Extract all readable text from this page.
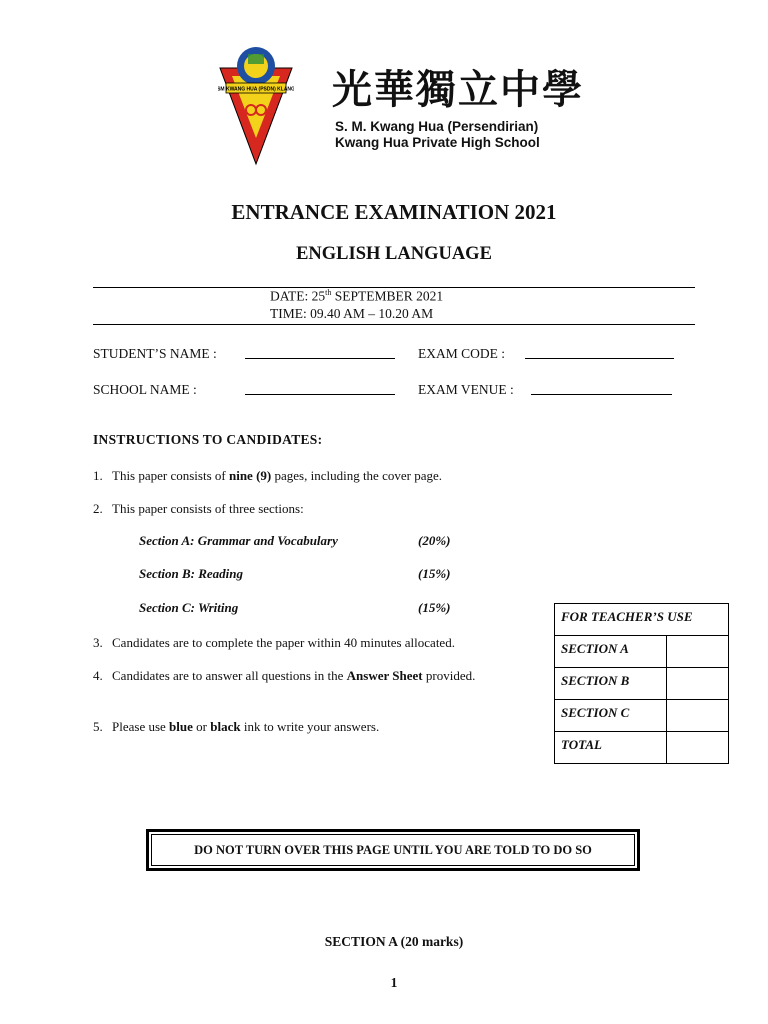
SM KWANG HUA (PSDN) KLANG 光華獨立中學
S. M. Kwang Hua (Persendirian)
Kwang Hua Private High School
ENTRANCE EXAMINATION 2021
ENGLISH LANGUAGE
DATE: 25th SEPTEMBER 2021
TIME: 09.40 AM – 10.20 AM
STUDENT’S NAME :	EXAM CODE :
SCHOOL NAME :	EXAM VENUE :
INSTRUCTIONS TO CANDIDATES:
1. This paper consists of nine (9) pages, including the cover page.
2. This paper consists of three sections:
Section A: Grammar and Vocabulary	(20%)
Section B: Reading	(15%)
Section C: Writing	(15%)
3. Candidates are to complete the paper within 40 minutes allocated.
4. Candidates are to answer all questions in the Answer Sheet provided.
5. Please use blue or black ink to write your answers.
FOR TEACHER’S USE	
SECTION A	
SECTION B	
SECTION C	
TOTAL	
DO NOT TURN OVER THIS PAGE UNTIL YOU ARE TOLD TO DO SO
SECTION A (20 marks)
1
